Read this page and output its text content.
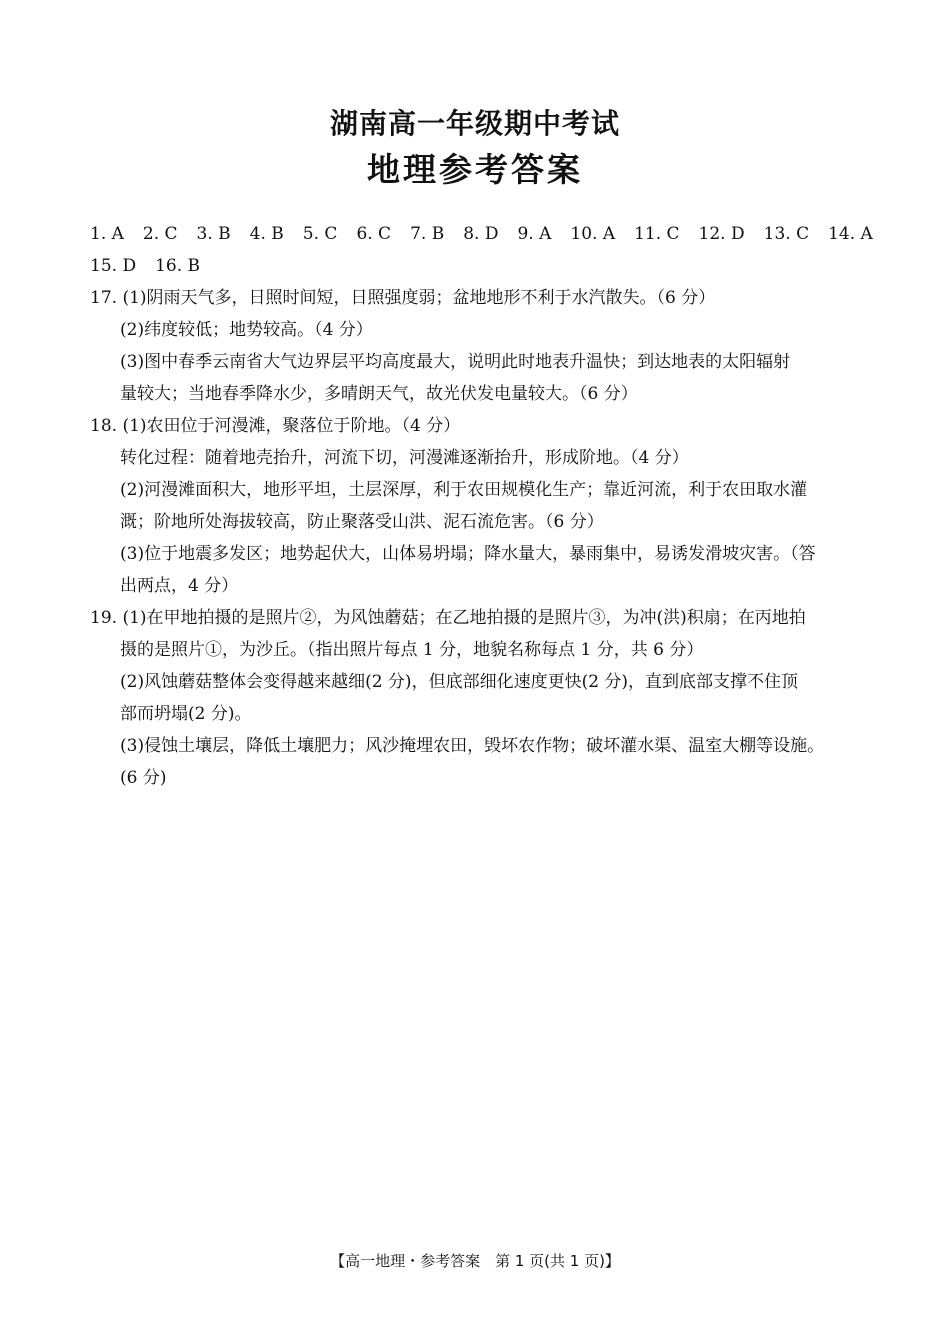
湖南高一年级期中考试
地理参考答案
1. A 2. C 3. B 4. B 5. C 6. C 7. B 8. D 9. A 10. A 11. C 12. D 13. C 14. A
15. D 16. B
17. (1)阴雨天气多，日照时间短，日照强度弱；盆地地形不利于水汽散失。（6 分）
(2)纬度较低；地势较高。（4 分）
(3)图中春季云南省大气边界层平均高度最大，说明此时地表升温快；到达地表的太阳辐射
量较大；当地春季降水少，多晴朗天气，故光伏发电量较大。（6 分）
18. (1)农田位于河漫滩，聚落位于阶地。（4 分）
转化过程：随着地壳抬升，河流下切，河漫滩逐渐抬升，形成阶地。（4 分）
(2)河漫滩面积大，地形平坦，土层深厚，利于农田规模化生产；靠近河流，利于农田取水灌
溉；阶地所处海拔较高，防止聚落受山洪、泥石流危害。（6 分）
(3)位于地震多发区；地势起伏大，山体易坍塌；降水量大，暴雨集中，易诱发滑坡灾害。（答
出两点，4 分）
19. (1)在甲地拍摄的是照片②，为风蚀蘑菇；在乙地拍摄的是照片③，为冲(洪)积扇；在丙地拍
摄的是照片①，为沙丘。（指出照片每点 1 分，地貌名称每点 1 分，共 6 分）
(2)风蚀蘑菇整体会变得越来越细(2 分)，但底部细化速度更快(2 分)，直到底部支撑不住顶
部而坍塌(2 分)。
(3)侵蚀土壤层，降低土壤肥力；风沙掩埋农田，毁坏农作物；破坏灌水渠、温室大棚等设施。
(6 分)
【高一地理・参考答案　第 1 页(共 1 页)】
